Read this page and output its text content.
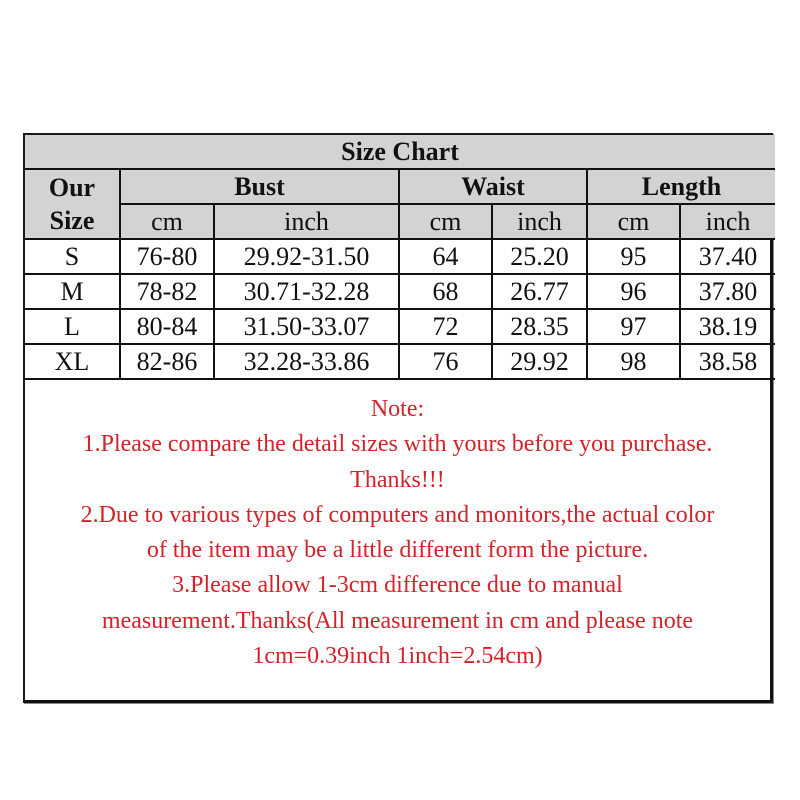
Size Chart						
Our
Size	Bust		Waist		Length	
	cm	inch	cm	inch	cm	inch
S	76-80	29.92-31.50	64	25.20	95	37.40
M	78-82	30.71-32.28	68	26.77	96	37.80
L	80-84	31.50-33.07	72	28.35	97	38.19
XL	82-86	32.28-33.86	76	29.92	98	38.58
Note:
1.Please compare the detail sizes with yours before you purchase.
Thanks!!!
2.Due to various types of computers and monitors,the actual color
of the item may be a little different form the picture.
3.Please allow 1-3cm difference due to manual
measurement.Thanks(All measurement in cm and please note
1cm=0.39inch 1inch=2.54cm)
